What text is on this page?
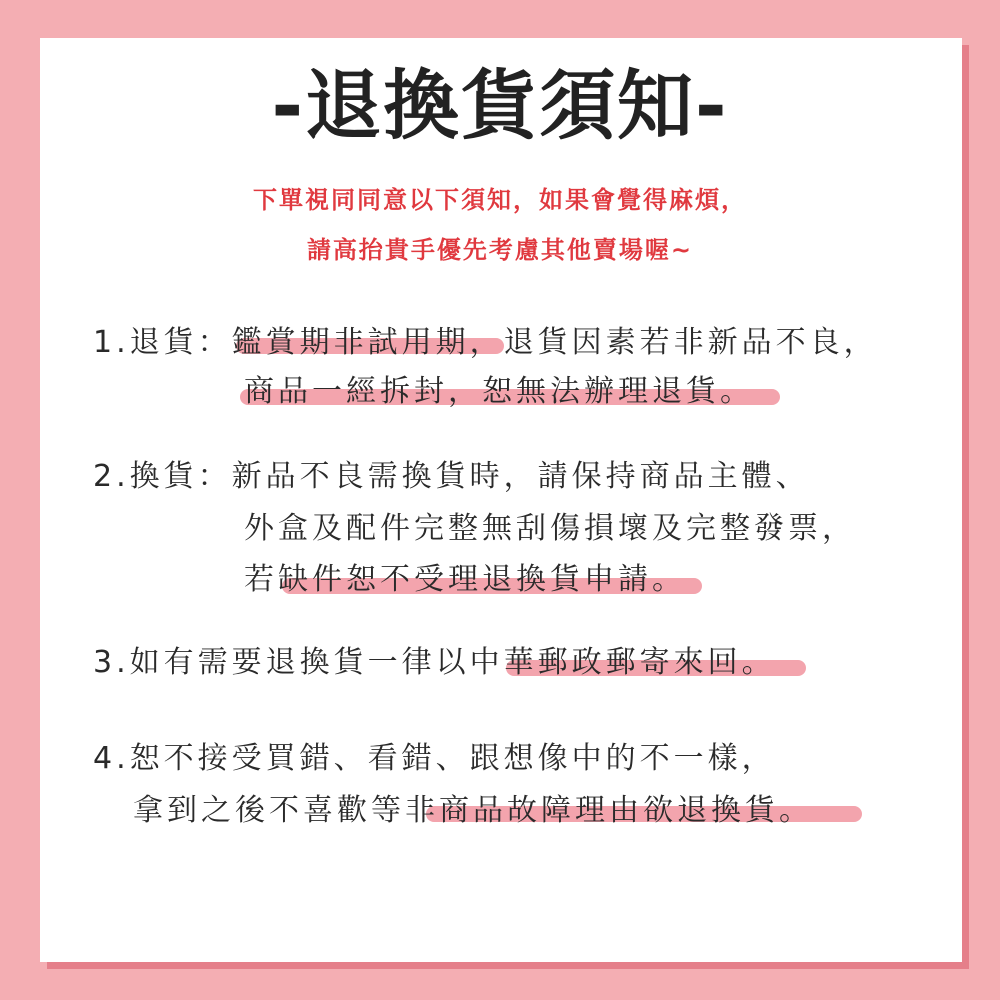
-退換貨須知-
下單視同同意以下須知，如果會覺得麻煩，
請高抬貴手優先考慮其他賣場喔~
1.退貨：鑑賞期非試用期，退貨因素若非新品不良，
商品一經拆封，恕無法辦理退貨。
2.換貨：新品不良需換貨時，請保持商品主體、
外盒及配件完整無刮傷損壞及完整發票，
若缺件恕不受理退換貨申請。
3.如有需要退換貨一律以中華郵政郵寄來回。
4.恕不接受買錯、看錯、跟想像中的不一樣，
拿到之後不喜歡等非商品故障理由欲退換貨。
